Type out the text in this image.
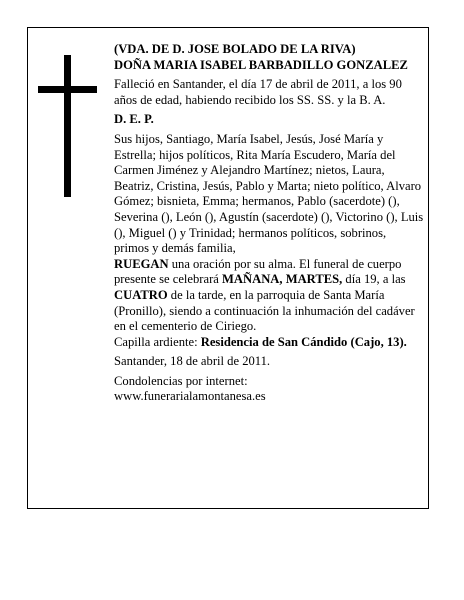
(VDA. DE D. JOSE BOLADO DE LA RIVA)

DOÑA MARIA ISABEL BARBADILLO GONZALEZ

Falleció en Santander, el día 17 de abril de 2011, a los 90 años de edad, habiendo recibido los SS. SS. y la B. A.

D. E. P.

Sus hijos, Santiago, María Isabel, Jesús, José María y Estrella; hijos políticos, Rita María Escudero, María del Carmen Jiménez y Alejandro Martínez; nietos, Laura, Beatriz, Cristina, Jesús, Pablo y Marta; nieto político, Alvaro Gómez; bisnieta, Emma; hermanos, Pablo (sacerdote) (), Severina (), León (), Agustín (sacerdote) (), Victorino (), Luis (), Miguel () y Trinidad; hermanos políticos, sobrinos, primos y demás familia,

RUEGAN una oración por su alma. El funeral de cuerpo presente se celebrará MAÑANA, MARTES, día 19, a las CUATRO de la tarde, en la parroquia de Santa María (Pronillo), siendo a continuación la inhumación del cadáver en el cementerio de Ciriego.

Capilla ardiente: Residencia de San Cándido (Cajo, 13).

Santander, 18 de abril de 2011.

Condolencias por internet:

www.funerarialamontanesa.es
